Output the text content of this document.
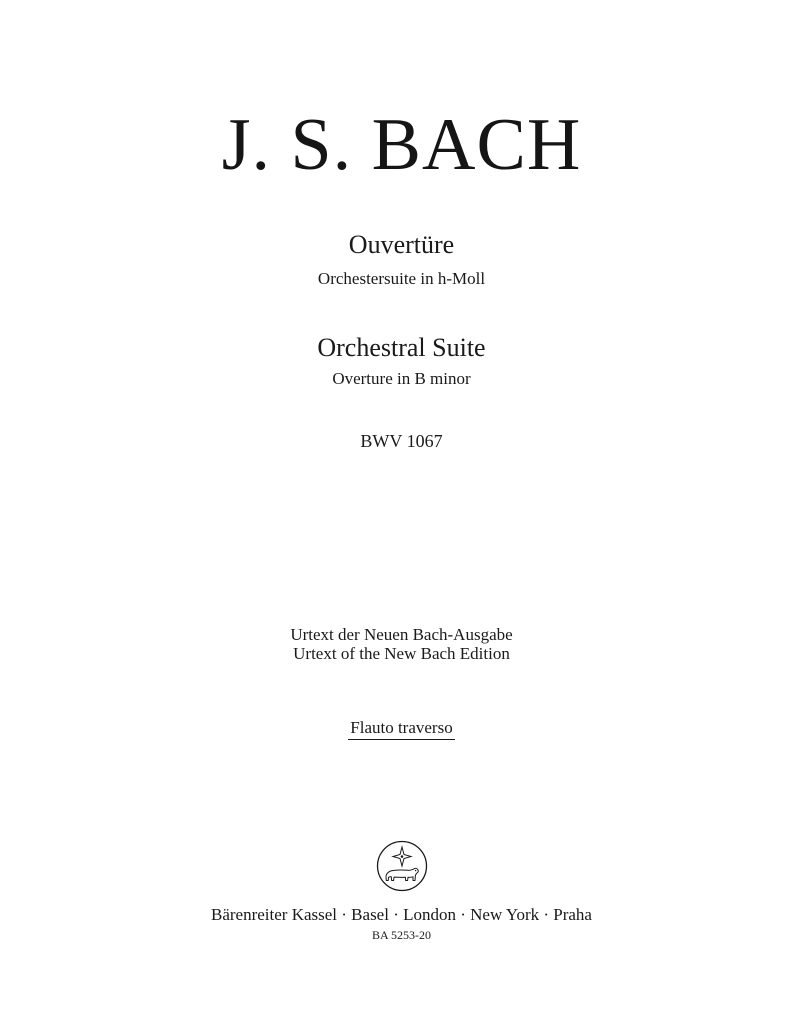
J. S. BACH
Ouvertüre
Orchestersuite in h-Moll
Orchestral Suite
Overture in B minor
BWV 1067
Urtext der Neuen Bach-Ausgabe
Urtext of the New Bach Edition
Flauto traverso
Bärenreiter Kassel · Basel · London · New York · Praha
BA 5253-20
